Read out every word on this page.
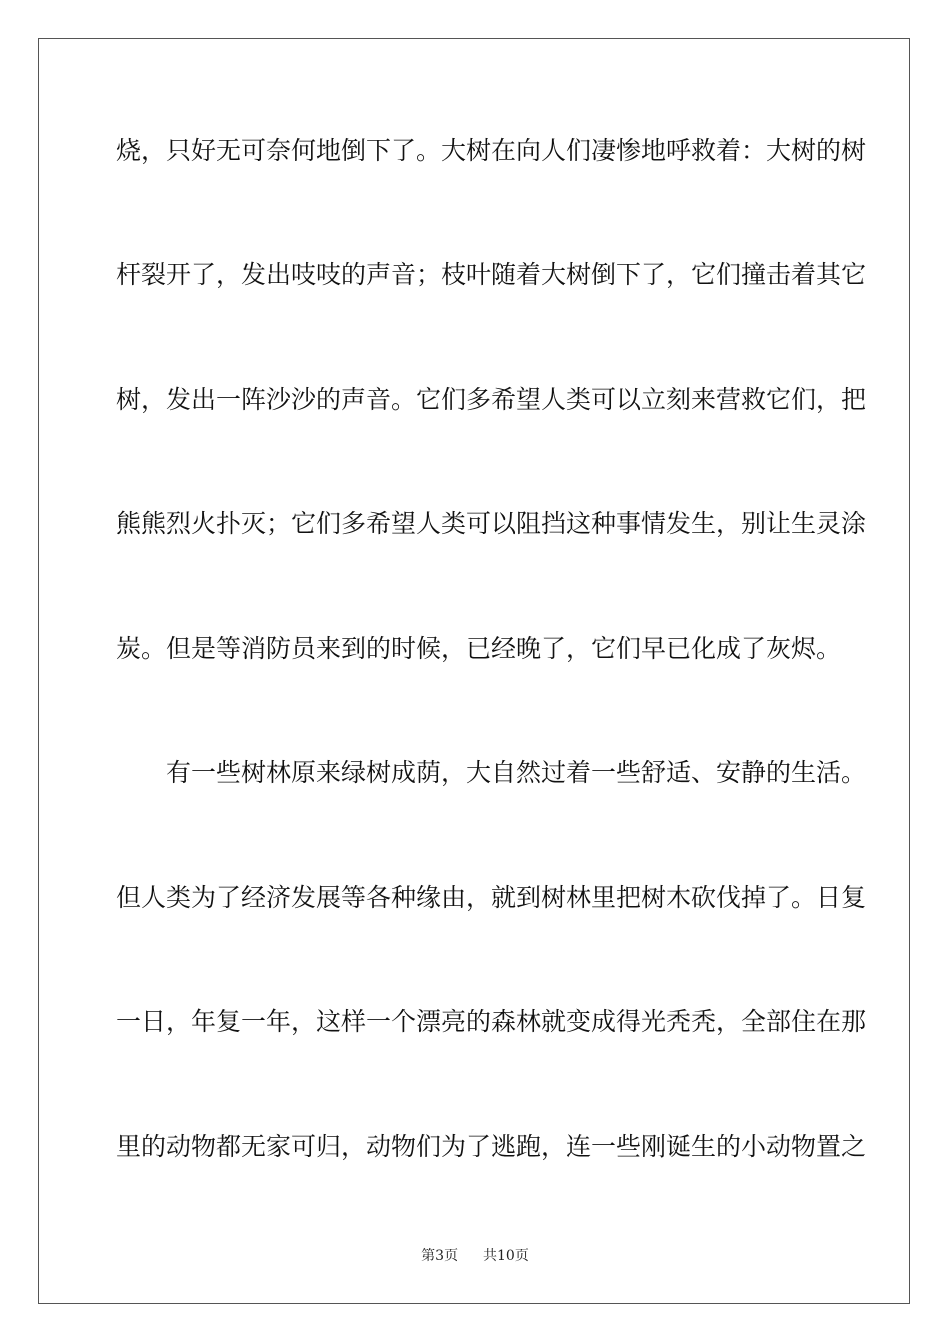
烧，只好无可奈何地倒下了。大树在向人们凄惨地呼救着：大树的树
杆裂开了，发出吱吱的声音；枝叶随着大树倒下了，它们撞击着其它
树，发出一阵沙沙的声音。它们多希望人类可以立刻来营救它们，把
熊熊烈火扑灭；它们多希望人类可以阻挡这种事情发生，别让生灵涂
炭。但是等消防员来到的时候，已经晚了，它们早已化成了灰烬。
有一些树林原来绿树成荫，大自然过着一些舒适、安静的生活。
但人类为了经济发展等各种缘由，就到树林里把树木砍伐掉了。日复
一日，年复一年，这样一个漂亮的森林就变成得光秃秃，全部住在那
里的动物都无家可归，动物们为了逃跑，连一些刚诞生的小动物置之
第3页 共10页
